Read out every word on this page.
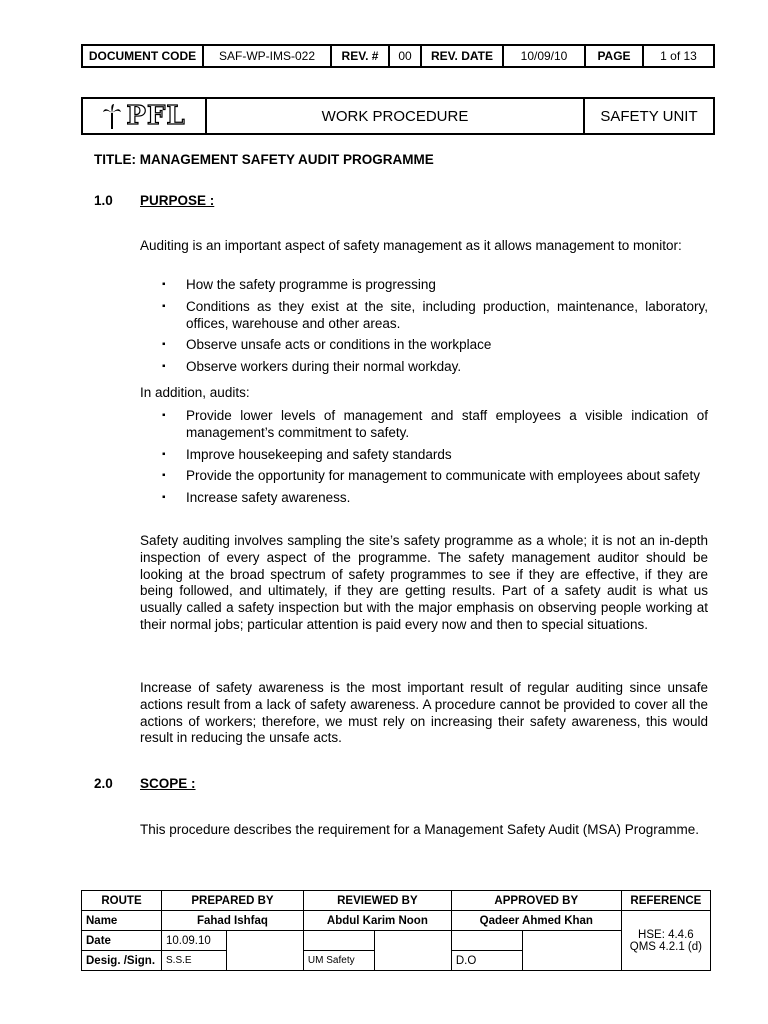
DOCUMENT CODE	SAF-WP-IMS-022	REV. #	00	REV. DATE	10/09/10	PAGE	1 of 13
PFL	WORK PROCEDURE	SAFETY UNIT
TITLE: MANAGEMENT SAFETY AUDIT PROGRAMME
1.0 PURPOSE :

Auditing is an important aspect of safety management as it allows management to monitor:

▪ How the safety programme is progressing
▪ Conditions as they exist at the site, including production, maintenance, laboratory, offices, warehouse and other areas.
▪ Observe unsafe acts or conditions in the workplace
▪ Observe workers during their normal workday.

In addition, audits:

▪ Provide lower levels of management and staff employees a visible indication of management’s commitment to safety.
▪ Improve housekeeping and safety standards
▪ Provide the opportunity for management to communicate with employees about safety
▪ Increase safety awareness.

Safety auditing involves sampling the site’s safety programme as a whole; it is not an in-depth inspection of every aspect of the programme. The safety management auditor should be looking at the broad spectrum of safety programmes to see if they are effective, if they are being followed, and ultimately, if they are getting results. Part of a safety audit is what us usually called a safety inspection but with the major emphasis on observing people working at their normal jobs; particular attention is paid every now and then to special situations.

Increase of safety awareness is the most important result of regular auditing since unsafe actions result from a lack of safety awareness. A procedure cannot be provided to cover all the actions of workers; therefore, we must rely on increasing their safety awareness, this would result in reducing the unsafe acts.

2.0 SCOPE :

This procedure describes the requirement for a Management Safety Audit (MSA) Programme.

ROUTE	PREPARED BY		REVIEWED BY		APPROVED BY		REFERENCE
Name	Fahad Ishfaq		Abdul Karim Noon		Qadeer Ahmed Khan		HSE: 4.4.6
QMS 4.2.1 (d)

Date	10.09.10						
Desig. /Sign.	S.S.E		UM Safety		D.O		
